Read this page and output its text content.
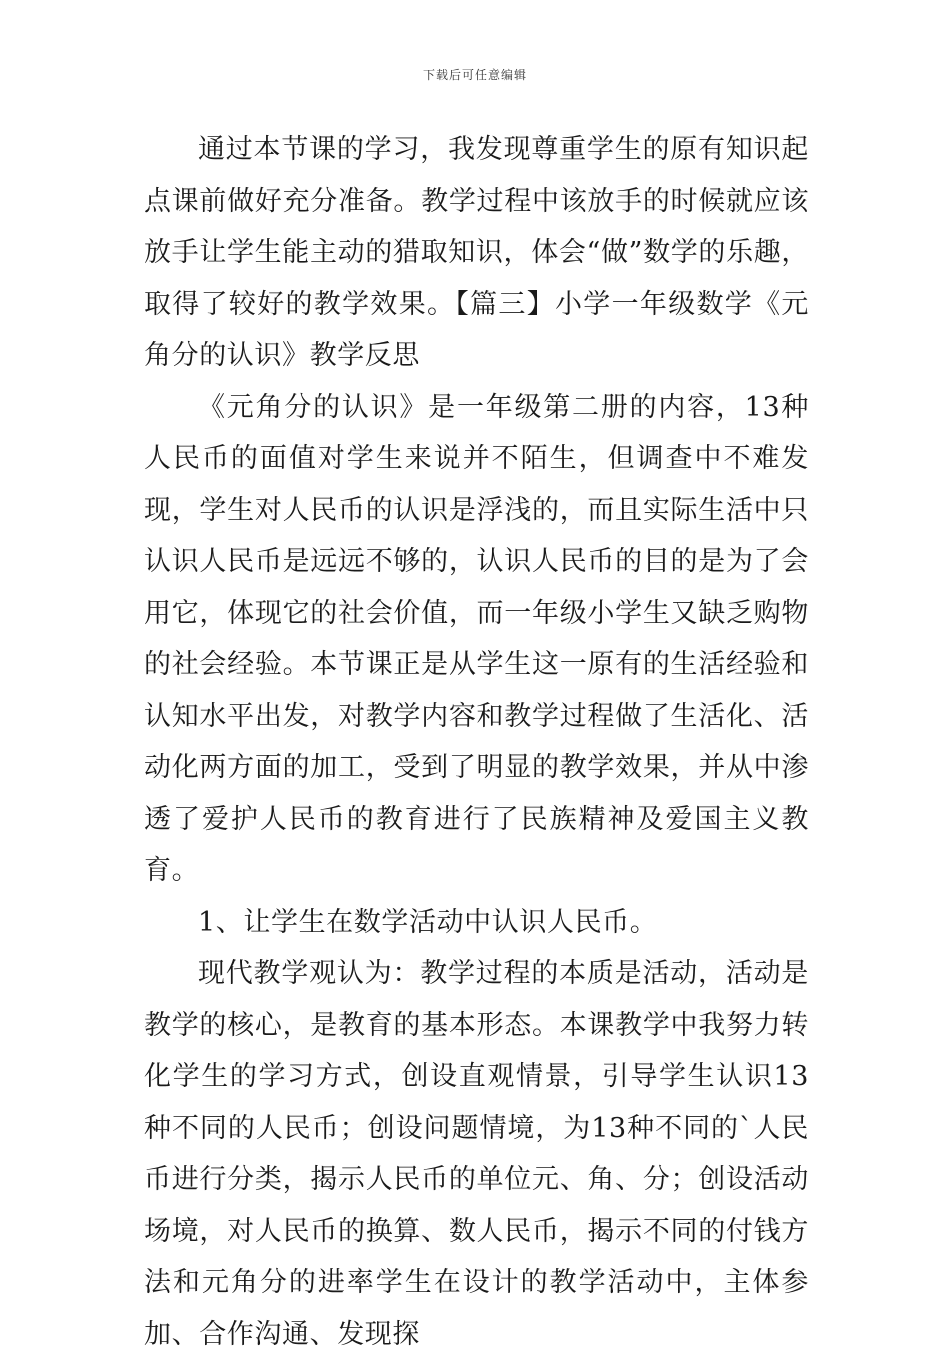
下载后可任意编辑

通过本节课的学习，我发现尊重学生的原有知识起点课前做好充分准备。教学过程中该放手的时候就应该放手让学生能主动的猎取知识，体会“做”数学的乐趣，取得了较好的教学效果。【篇三】小学一年级数学《元角分的认识》教学反思

《元角分的认识》是一年级第二册的内容，13种人民币的面值对学生来说并不陌生，但调查中不难发现，学生对人民币的认识是浮浅的，而且实际生活中只认识人民币是远远不够的，认识人民币的目的是为了会用它，体现它的社会价值，而一年级小学生又缺乏购物的社会经验。本节课正是从学生这一原有的生活经验和认知水平出发，对教学内容和教学过程做了生活化、活动化两方面的加工，受到了明显的教学效果，并从中渗透了爱护人民币的教育进行了民族精神及爱国主义教育。

1、让学生在数学活动中认识人民币。

现代教学观认为：教学过程的本质是活动，活动是教学的核心，是教育的基本形态。本课教学中我努力转化学生的学习方式，创设直观情景，引导学生认识13种不同的人民币；创设问题情境，为13种不同的`人民币进行分类，揭示人民币的单位元、角、分；创设活动场境，对人民币的换算、数人民币，揭示不同的付钱方法和元角分的进率学生在设计的教学活动中，主体参加、合作沟通、发现探
